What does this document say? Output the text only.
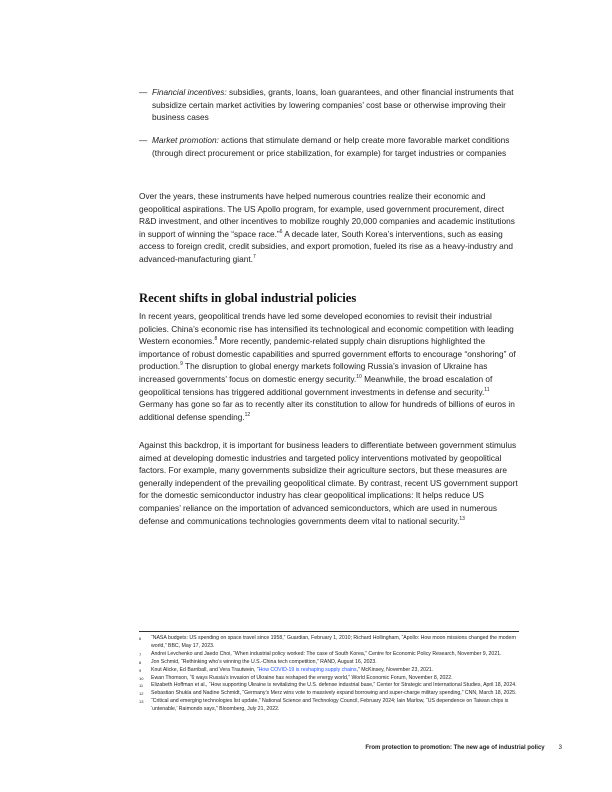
— Financial incentives: subsidies, grants, loans, loan guarantees, and other financial instruments that subsidize certain market activities by lowering companies’ cost base or otherwise improving their business cases
— Market promotion: actions that stimulate demand or help create more favorable market conditions (through direct procurement or price stabilization, for example) for target industries or companies

Over the years, these instruments have helped numerous countries realize their economic and geopolitical aspirations. The US Apollo program, for example, used government procurement, direct R&D investment, and other incentives to mobilize roughly 20,000 companies and academic institutions in support of winning the “space race.”$^6$ A decade later, South Korea’s interventions, such as easing access to foreign credit, credit subsidies, and export promotion, fueled its rise as a heavy-industry and advanced-manufacturing giant.$^7$

Recent shifts in global industrial policies

In recent years, geopolitical trends have led some developed economies to revisit their industrial policies. China’s economic rise has intensified its technological and economic competition with leading Western economies.$^8$ More recently, pandemic-related supply chain disruptions highlighted the importance of robust domestic capabilities and spurred government efforts to encourage “onshoring” of production.$^9$ The disruption to global energy markets following Russia’s invasion of Ukraine has increased governments’ focus on domestic energy security.$^{10}$ Meanwhile, the broad escalation of geopolitical tensions has triggered additional government investments in defense and security.$^{11}$ Germany has gone so far as to recently alter its constitution to allow for hundreds of billions of euros in additional defense spending.$^{12}$

Against this backdrop, it is important for business leaders to differentiate between government stimulus aimed at developing domestic industries and targeted policy interventions motivated by geopolitical factors. For example, many governments subsidize their agriculture sectors, but these measures are generally independent of the prevailing geopolitical climate. By contrast, recent US government support for the domestic semiconductor industry has clear geopolitical implications: It helps reduce US companies’ reliance on the importation of advanced semiconductors, which are used in numerous defense and communications technologies governments deem vital to national security.$^{13}$

6	“NASA budgets: US spending on space travel since 1958,” Guardian, February 1, 2010; Richard Hollingham, “Apollo: How moon missions changed the modern world,” BBC, May 17, 2023.
7	Andrei Levchenko and Jaedo Choi, “When industrial policy worked: The case of South Korea,” Centre for Economic Policy Research, November 9, 2021.
8	Jon Schmid, “Rethinking who’s winning the U.S.-China tech competition,” RAND, August 16, 2023.
9	Knut Alicke, Ed Barriball, and Vera Trautwein, “How COVID-19 is reshaping supply chains,” McKinsey, November 23, 2021.
10	Ewan Thomson, “6 ways Russia’s invasion of Ukraine has reshaped the energy world,” World Economic Forum, November 8, 2022.
11	Elizabeth Hoffman et al., “How supporting Ukraine is revitalizing the U.S. defense industrial base,” Center for Strategic and International Studies, April 18, 2024.
12	Sebastian Shukla and Nadine Schmidt, “Germany’s Merz wins vote to massively expand borrowing and super-charge military spending,” CNN, March 18, 2025.
13	“Critical and emerging technologies list update,” National Science and Technology Council, February 2024; Iain Marlow, “US dependence on Taiwan chips is ‘untenable,’ Raimondo says,” Bloomberg, July 21, 2022.
From protection to promotion: The new age of industrial policy 3
